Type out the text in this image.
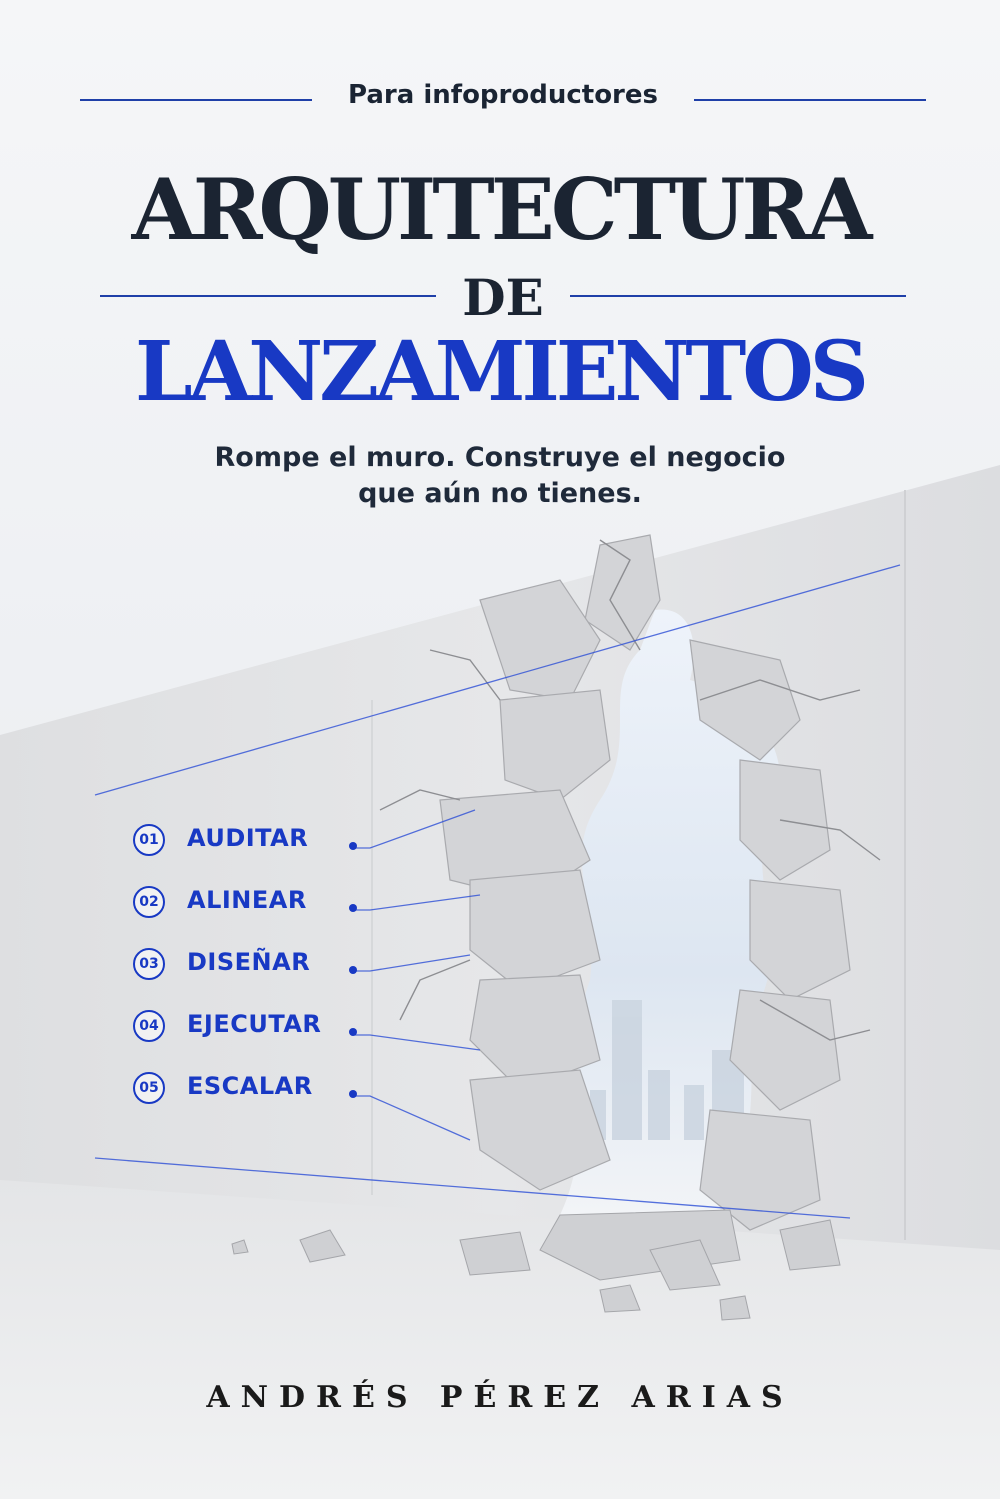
Para infoproductores
ARQUITECTURA
DE
LANZAMIENTOS
Rompe el muro. Construye el negocio
que aún no tienes.
01 AUDITAR
02 ALINEAR
03 DISEÑAR
04 EJECUTAR
05 ESCALAR
ANDRÉS PÉREZ ARIAS
